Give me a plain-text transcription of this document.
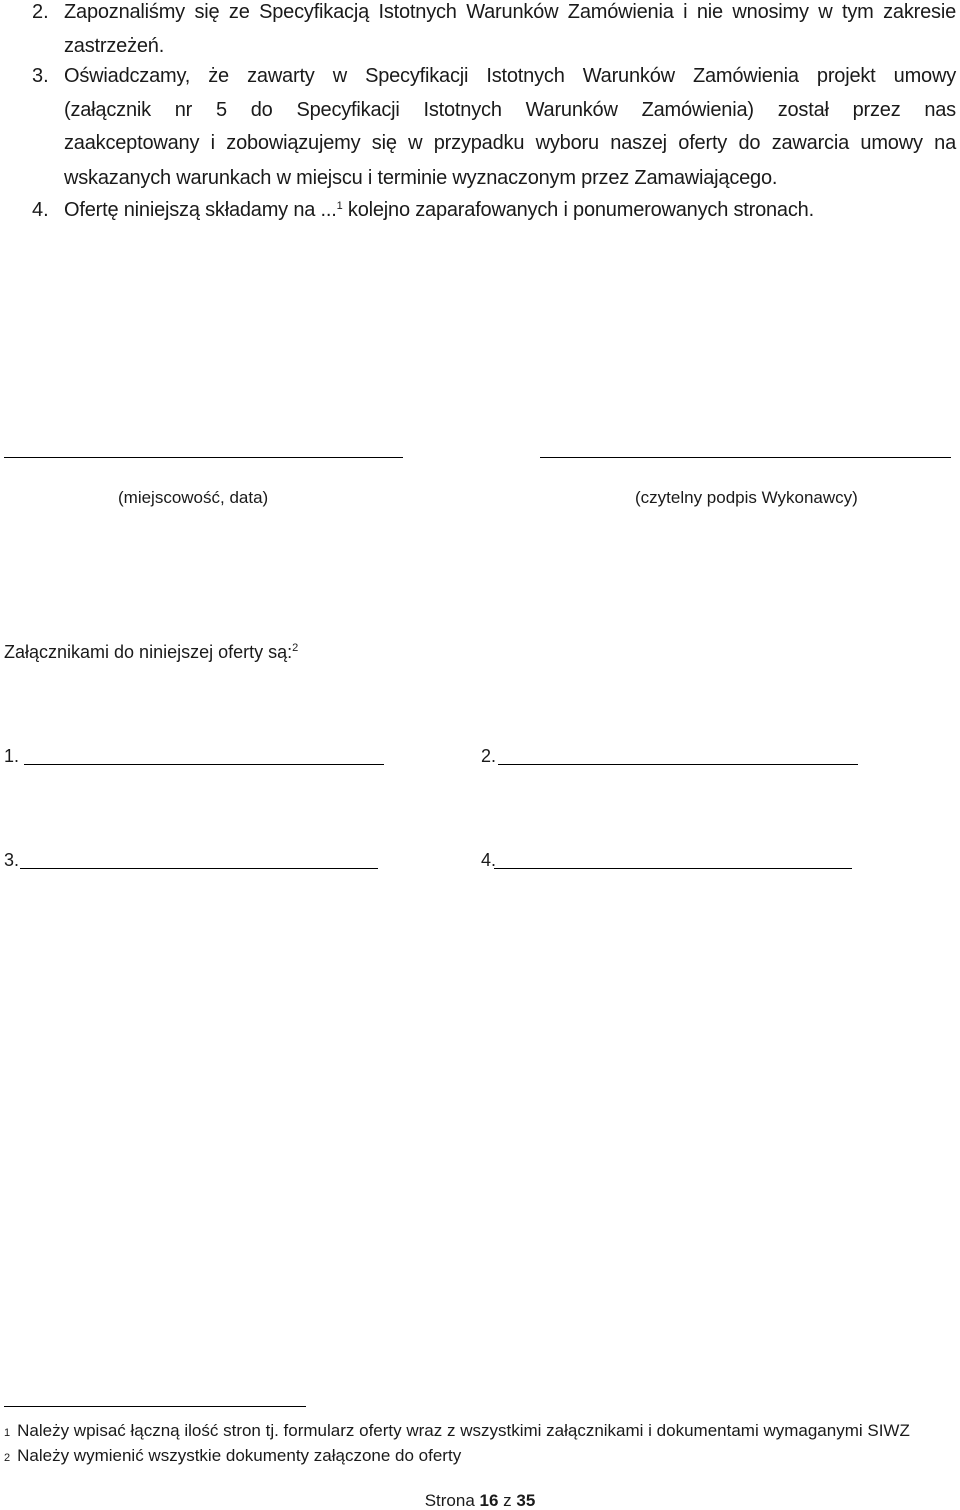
2. Zapoznaliśmy się ze Specyfikacją Istotnych Warunków Zamówienia i nie wnosimy w tym zakresie
zastrzeżeń.
3. Oświadczamy, że zawarty w Specyfikacji Istotnych Warunków Zamówienia projekt umowy
(załącznik nr 5 do Specyfikacji Istotnych Warunków Zamówienia) został przez nas
zaakceptowany i zobowiązujemy się w przypadku wyboru naszej oferty do zawarcia umowy na
wskazanych warunkach w miejscu i terminie wyznaczonym przez Zamawiającego.
4. Ofertę niniejszą składamy na ...$^1$ kolejno zaparafowanych i ponumerowanych stronach.
(miejscowość, data)	(czytelny podpis Wykonawcy)
Załącznikami do niniejszej oferty są:$^2$
1.	2.
3.	4.
1 Należy wpisać łączną ilość stron tj. formularz oferty wraz z wszystkimi załącznikami i dokumentami wymaganymi SIWZ
2 Należy wymienić wszystkie dokumenty załączone do oferty
Strona 16 z 35
